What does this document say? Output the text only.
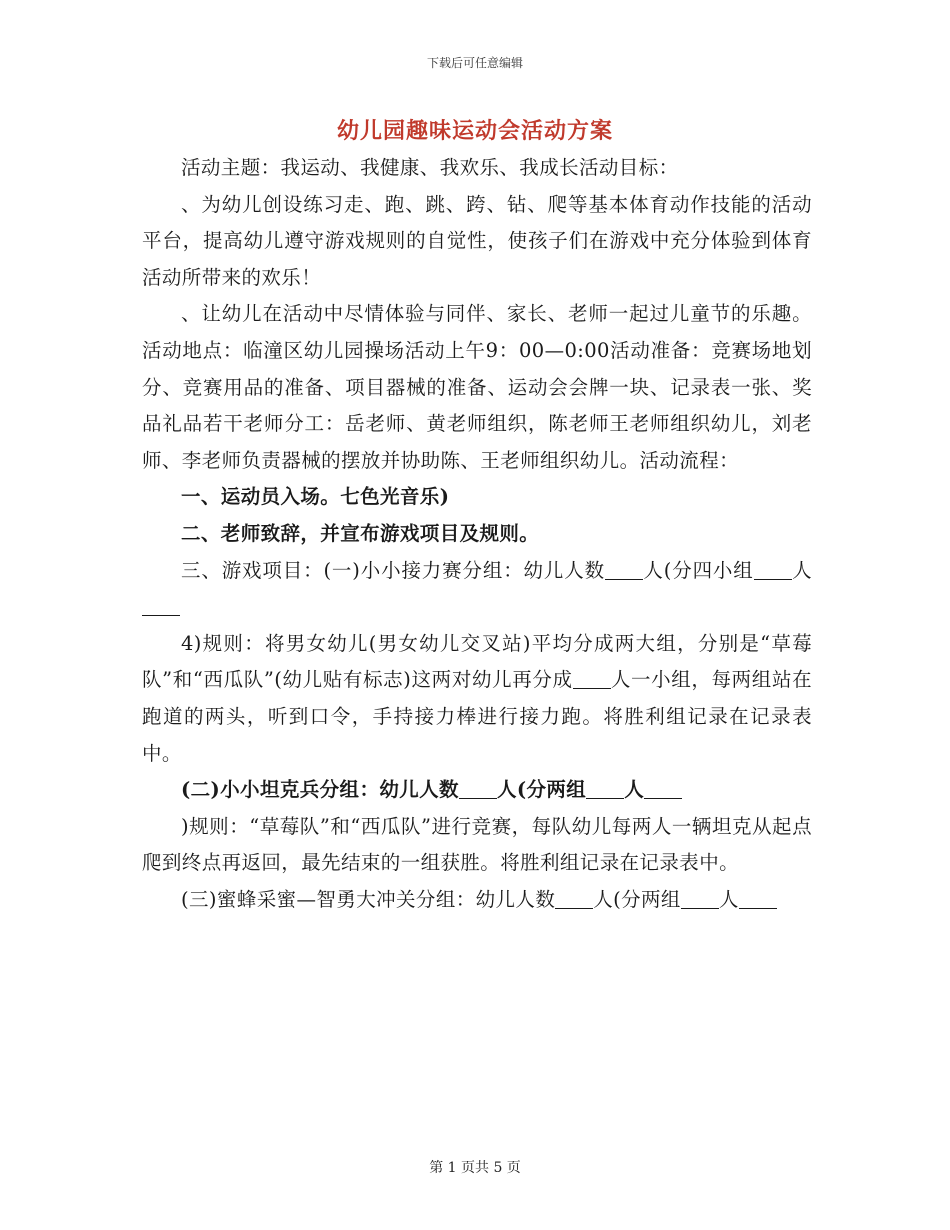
下载后可任意编辑
幼儿园趣味运动会活动方案

活动主题：我运动、我健康、我欢乐、我成长活动目标：

、为幼儿创设练习走、跑、跳、跨、钻、爬等基本体育动作技能的活动平台，提高幼儿遵守游戏规则的自觉性，使孩子们在游戏中充分体验到体育活动所带来的欢乐！

、让幼儿在活动中尽情体验与同伴、家长、老师一起过儿童节的乐趣。活动地点：临潼区幼儿园操场活动上午9：00—0:00活动准备：竞赛场地划分、竞赛用品的准备、项目器械的准备、运动会会牌一块、记录表一张、奖品礼品若干老师分工：岳老师、黄老师组织，陈老师王老师组织幼儿，刘老师、李老师负责器械的摆放并协助陈、王老师组织幼儿。活动流程：

一、运动员入场。七色光音乐)

二、老师致辞，并宣布游戏项目及规则。

三、游戏项目：(一)小小接力赛分组：幼儿人数 人(分四小组 人

4)规则：将男女幼儿(男女幼儿交叉站)平均分成两大组，分别是“草莓队”和“西瓜队”(幼儿贴有标志)这两对幼儿再分成 人一小组，每两组站在跑道的两头，听到口令，手持接力棒进行接力跑。将胜利组记录在记录表中。

(二)小小坦克兵分组：幼儿人数 人(分两组 人

)规则：“草莓队”和“西瓜队”进行竞赛，每队幼儿每两人一辆坦克从起点爬到终点再返回，最先结束的一组获胜。将胜利组记录在记录表中。

(三)蜜蜂采蜜—智勇大冲关分组：幼儿人数 人(分两组 人

第 1 页共 5 页
